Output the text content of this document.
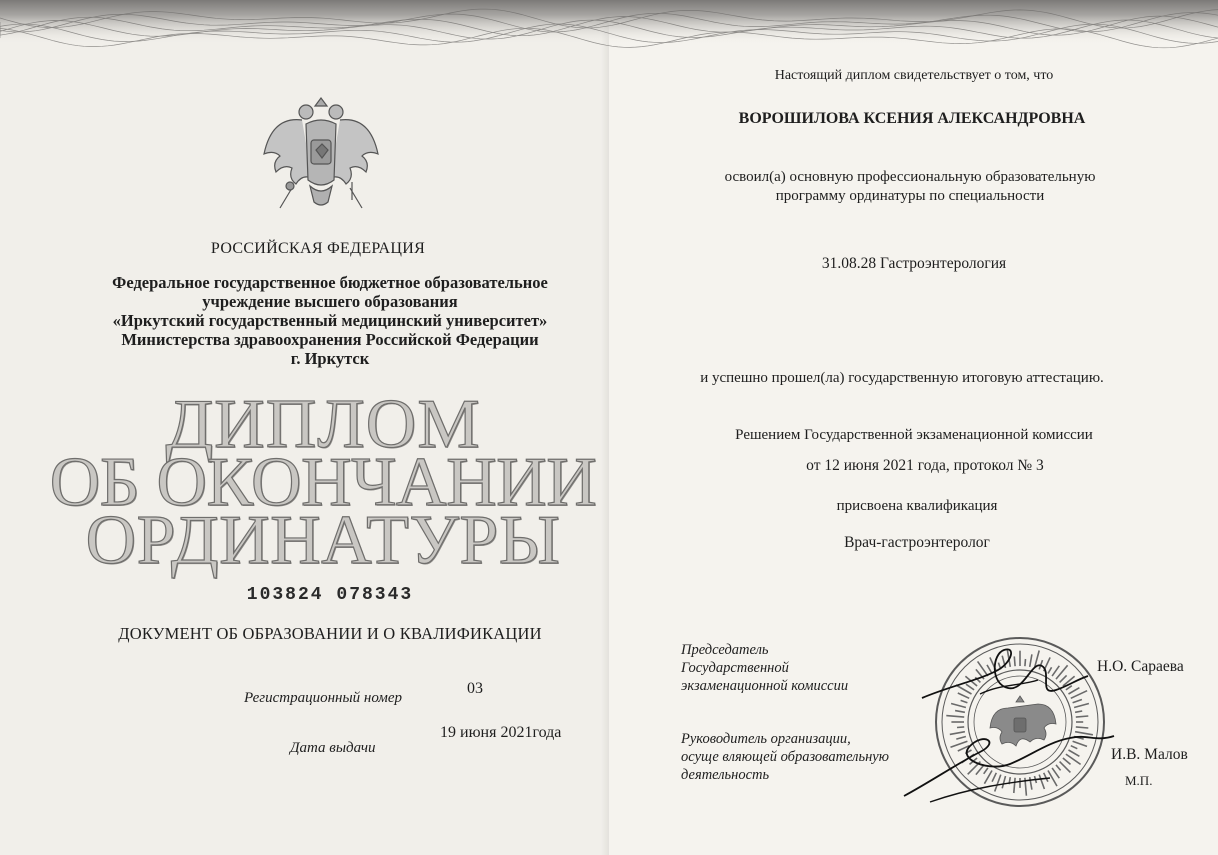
РОССИЙСКАЯ ФЕДЕРАЦИЯ
Федеральное государственное бюджетное образовательное
учреждение высшего образования
«Иркутский государственный медицинский университет»
Министерства здравоохранения Российской Федерации
г. Иркутск
ДИПЛОМ
ОБ ОКОНЧАНИИ
ОРДИНАТУРЫ
103824 078343
ДОКУМЕНТ ОБ ОБРАЗОВАНИИ И О КВАЛИФИКАЦИИ
Регистрационный номер
03
Дата выдачи
19 июня 2021года
Настоящий диплом свидетельствует о том, что
ВОРОШИЛОВА КСЕНИЯ АЛЕКСАНДРОВНА
освоил(а) основную профессиональную образовательную
программу ординатуры по специальности
31.08.28 Гастроэнтерология
и успешно прошел(ла) государственную итоговую аттестацию.
Решением Государственной экзаменационной комиссии
от 12 июня 2021 года, протокол № 3
присвоена квалификация
Врач-гастроэнтеролог
Председатель
Государственной
экзаменационной комиссии
Руководитель организации,
осуще вляющей образовательную
деятельность
Н.О. Сараева
И.В. Малов
М.П.
